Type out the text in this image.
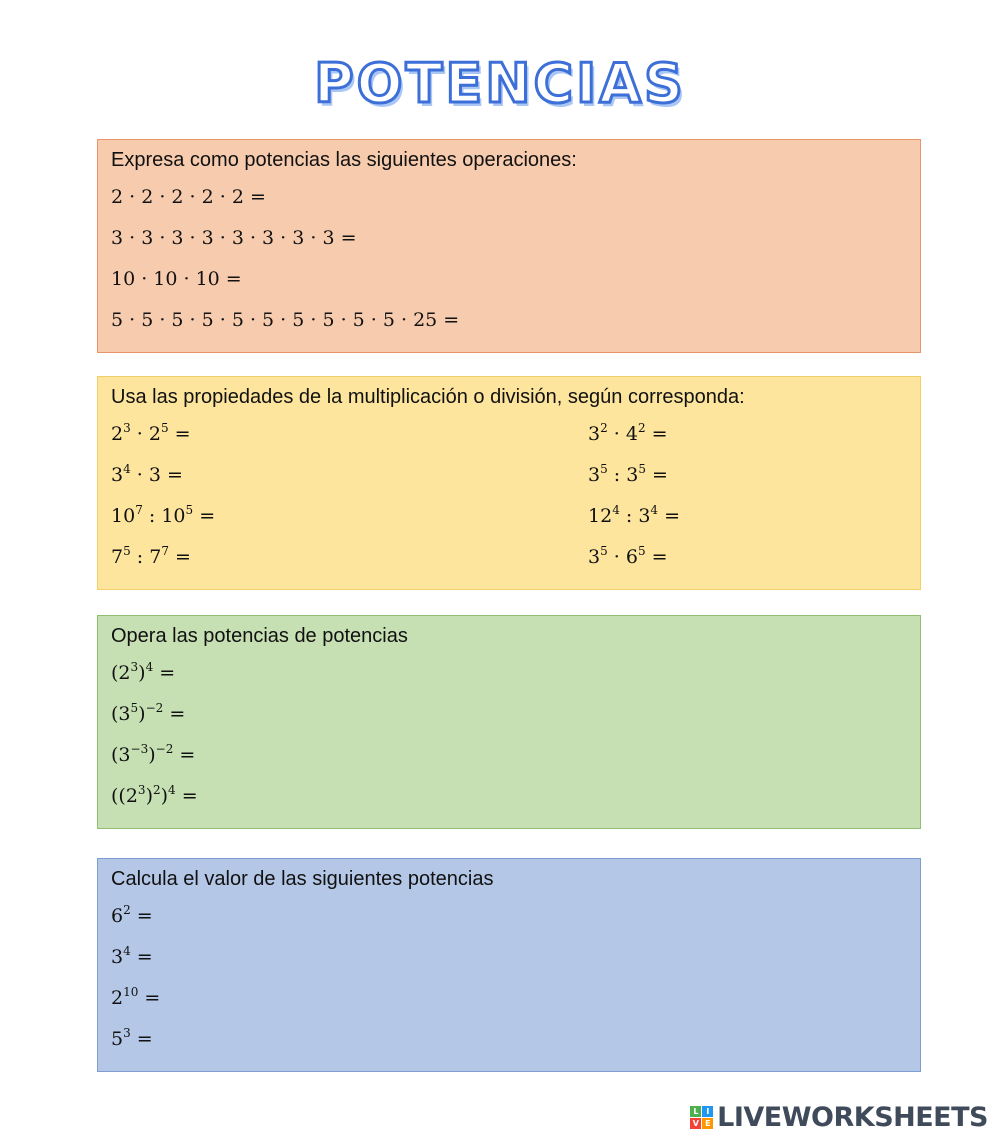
POTENCIAS
Expresa como potencias las siguientes operaciones:
2 · 2 · 2 · 2 · 2 =
3 · 3 · 3 · 3 · 3 · 3 · 3 · 3 =
10 · 10 · 10 =
5 · 5 · 5 · 5 · 5 · 5 · 5 · 5 · 5 · 5 · 25 =
Usa las propiedades de la multiplicación o división, según corresponda:
$2^3 \cdot 2^5$ =
$3^4 \cdot 3$ =
$10^7$ : $10^5$ =
$7^5$ : $7^7$ =
$3^2 \cdot 4^2$ =
$3^5$ : $3^5$ =
$12^4$ : $3^4$ =
$3^5 \cdot 6^5$ =
Opera las potencias de potencias
$(2^3)^4$ =
$(3^5)^{-2}$ =
$(3^{-3})^{-2}$ =
$((2^3)^2)^4$ =
Calcula el valor de las siguientes potencias
$6^2$ =
$3^4$ =
$2^{10}$ =
$5^3$ =
L	I
V E LIVEWORKSHEETS
